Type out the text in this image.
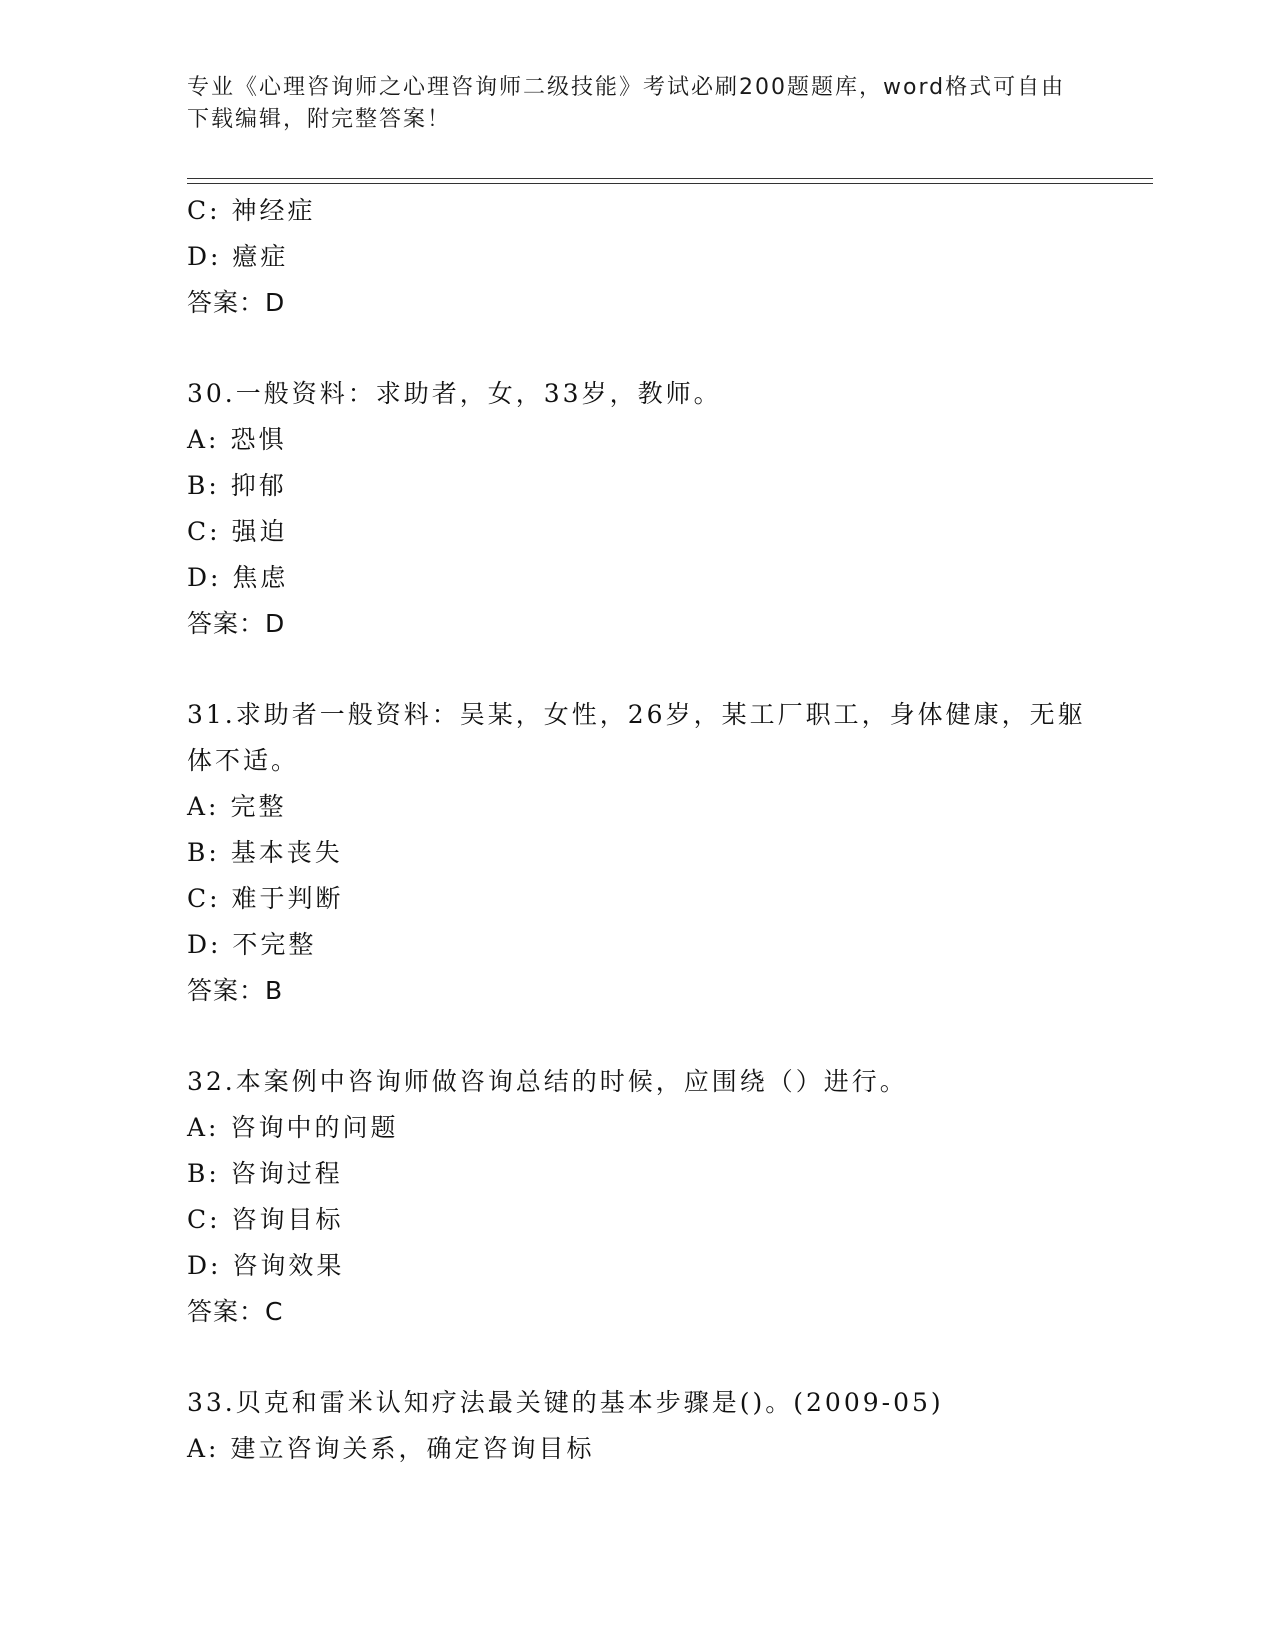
专业《心理咨询师之心理咨询师二级技能》考试必刷200题题库，word格式可自由下载编辑，附完整答案！
C: 神经症
D: 癔症
答案：D
30.一般资料：求助者，女，33岁，教师。
A: 恐惧
B: 抑郁
C: 强迫
D: 焦虑
答案：D
31.求助者一般资料：吴某，女性，26岁，某工厂职工，身体健康，无躯体不适。
A: 完整
B: 基本丧失
C: 难于判断
D: 不完整
答案：B
32.本案例中咨询师做咨询总结的时候，应围绕（）进行。
A: 咨询中的问题
B: 咨询过程
C: 咨询目标
D: 咨询效果
答案：C
33.贝克和雷米认知疗法最关键的基本步骤是()。(2009-05)
A: 建立咨询关系，确定咨询目标
